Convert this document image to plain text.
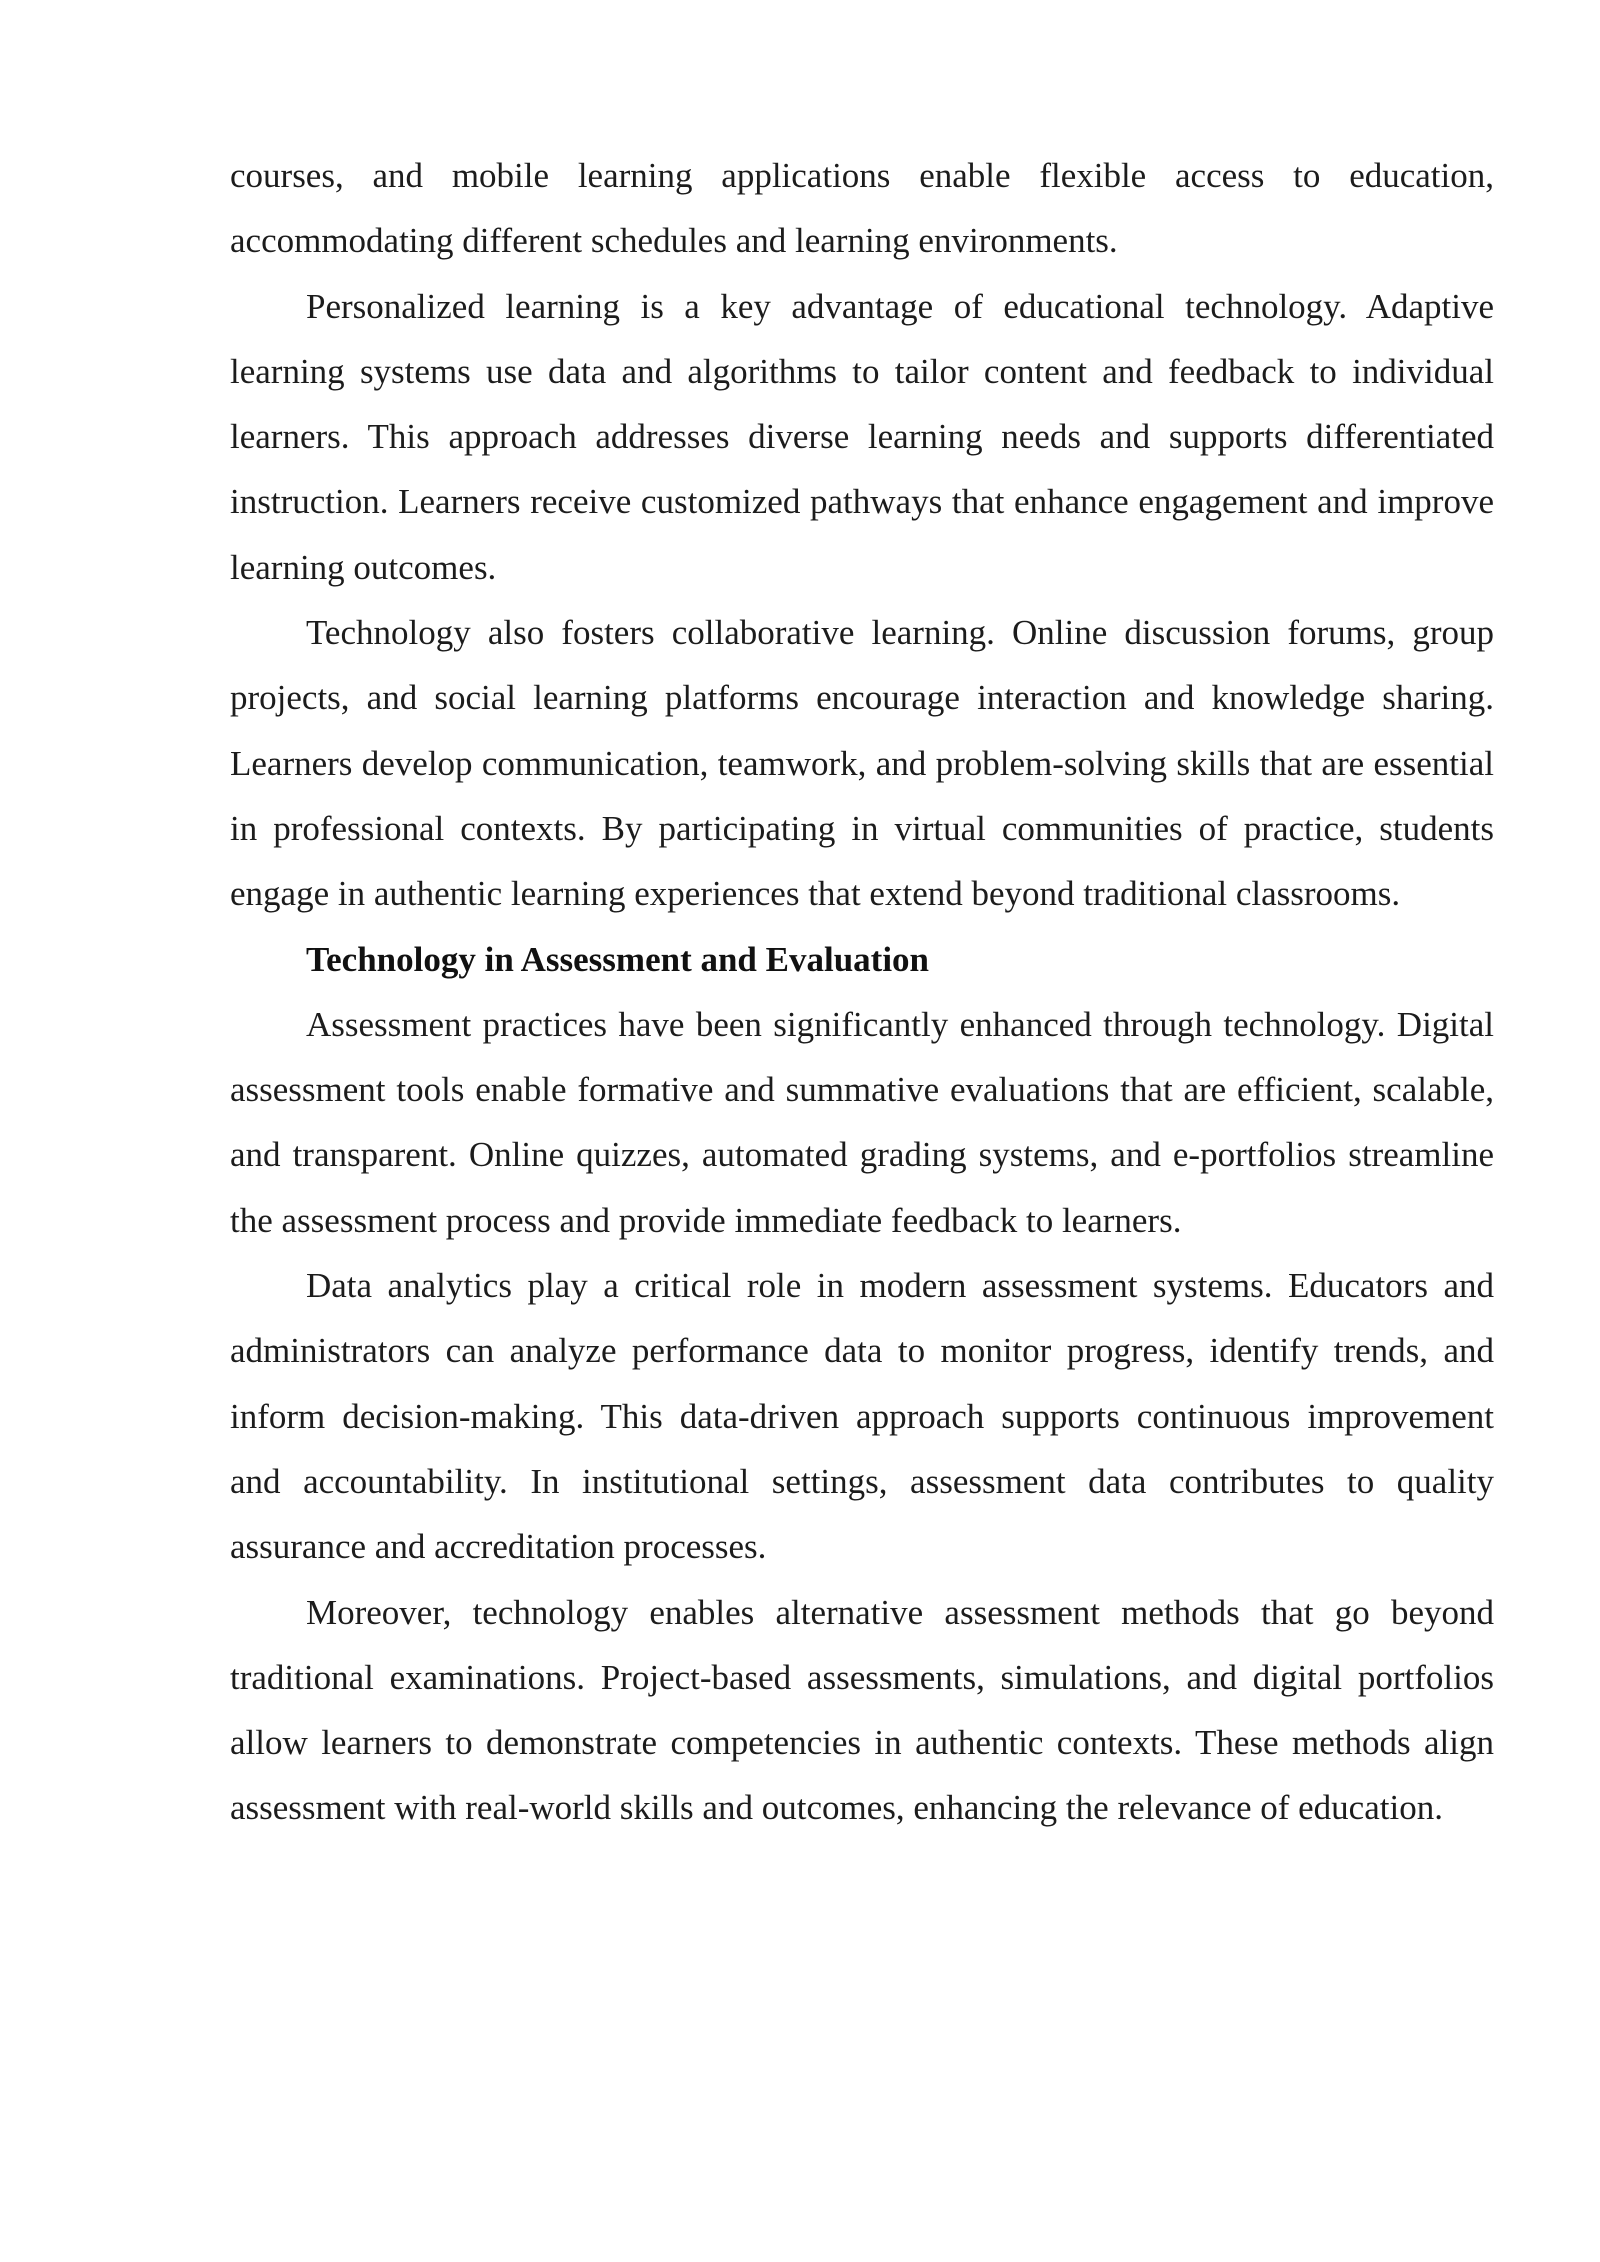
courses, and mobile learning applications enable flexible access to education, accommodating different schedules and learning environments.

Personalized learning is a key advantage of educational technology. Adaptive learning systems use data and algorithms to tailor content and feedback to individual learners. This approach addresses diverse learning needs and supports differentiated instruction. Learners receive customized pathways that enhance engagement and improve learning outcomes.

Technology also fosters collaborative learning. Online discussion forums, group projects, and social learning platforms encourage interaction and knowledge sharing. Learners develop communication, teamwork, and problem-solving skills that are essential in professional contexts. By participating in virtual communities of practice, students engage in authentic learning experiences that extend beyond traditional classrooms.

Technology in Assessment and Evaluation

Assessment practices have been significantly enhanced through technology. Digital assessment tools enable formative and summative evaluations that are efficient, scalable, and transparent. Online quizzes, automated grading systems, and e-portfolios streamline the assessment process and provide immediate feedback to learners.

Data analytics play a critical role in modern assessment systems. Educators and administrators can analyze performance data to monitor progress, identify trends, and inform decision-making. This data-driven approach supports continuous improvement and accountability. In institutional settings, assessment data contributes to quality assurance and accreditation processes.

Moreover, technology enables alternative assessment methods that go beyond traditional examinations. Project-based assessments, simulations, and digital portfolios allow learners to demonstrate competencies in authentic contexts. These methods align assessment with real-world skills and outcomes, enhancing the relevance of education.
